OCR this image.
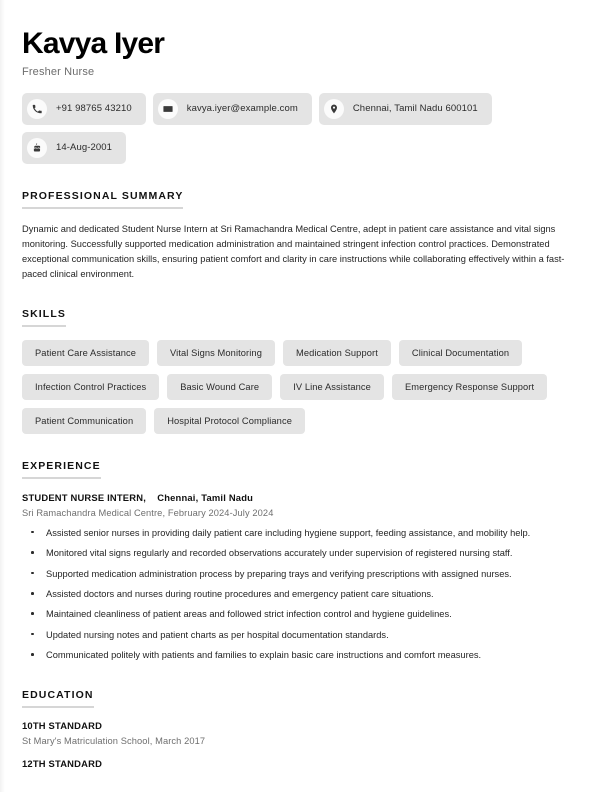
Kavya Iyer
Fresher Nurse
+91 98765 43210	kavya.iyer@example.com	Chennai, Tamil Nadu 600101
14-Aug-2001
PROFESSIONAL SUMMARY

Dynamic and dedicated Student Nurse Intern at Sri Ramachandra Medical Centre, adept in patient care assistance and vital signs monitoring. Successfully supported medication administration and maintained stringent infection control practices. Demonstrated exceptional communication skills, ensuring patient comfort and clarity in care instructions while collaborating effectively within a fast-paced clinical environment.

SKILLS
Patient Care Assistance	Vital Signs Monitoring	Medication Support	Clinical Documentation
Infection Control Practices	Basic Wound Care	IV Line Assistance	Emergency Response Support
Patient Communication	Hospital Protocol Compliance
EXPERIENCE
STUDENT NURSE INTERN, Chennai, Tamil Nadu
Sri Ramachandra Medical Centre, February 2024-July 2024
Assisted senior nurses in providing daily patient care including hygiene support, feeding assistance, and mobility help.
Monitored vital signs regularly and recorded observations accurately under supervision of registered nursing staff.
Supported medication administration process by preparing trays and verifying prescriptions with assigned nurses.
Assisted doctors and nurses during routine procedures and emergency patient care situations.
Maintained cleanliness of patient areas and followed strict infection control and hygiene guidelines.
Updated nursing notes and patient charts as per hospital documentation standards.
Communicated politely with patients and families to explain basic care instructions and comfort measures.
EDUCATION
10TH STANDARD
St Mary's Matriculation School, March 2017
12TH STANDARD
